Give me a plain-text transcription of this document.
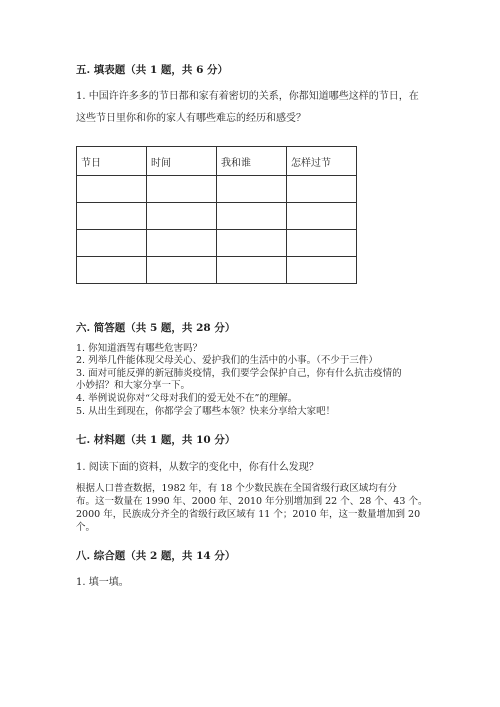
五. 填表题（共 1 题，共 6 分）
1. 中国许许多多的节日都和家有着密切的关系，你都知道哪些这样的节日，在
这些节日里你和你的家人有哪些难忘的经历和感受？
节日	时间	我和谁	怎样过节

六. 简答题（共 5 题，共 28 分）
1. 你知道酒驾有哪些危害吗？
2. 列举几件能体现父母关心、爱护我们的生活中的小事。（不少于三件）
3. 面对可能反弹的新冠肺炎疫情，我们要学会保护自己，你有什么抗击疫情的
小妙招？和大家分享一下。
4. 举例说说你对“父母对我们的爱无处不在”的理解。
5. 从出生到现在，你都学会了哪些本领？快来分享给大家吧！
七. 材料题（共 1 题，共 10 分）
1. 阅读下面的资料，从数字的变化中，你有什么发现？
根据人口普查数据，1982 年，有 18 个少数民族在全国省级行政区域均有分
布。这一数量在 1990 年、2000 年、2010 年分别增加到 22 个、28 个、43 个。
2000 年，民族成分齐全的省级行政区域有 11 个；2010 年，这一数量增加到 20
个。
八. 综合题（共 2 题，共 14 分）
1. 填一填。
